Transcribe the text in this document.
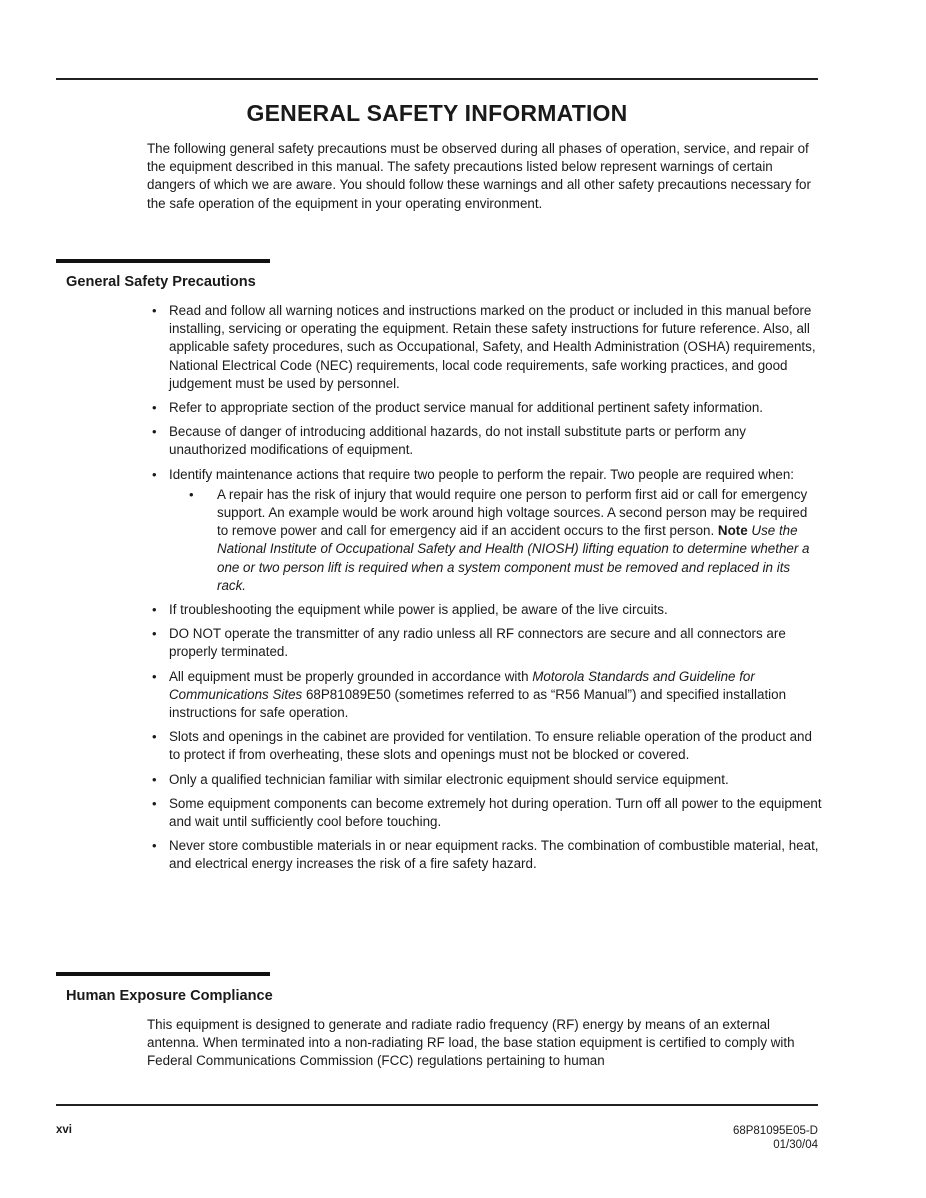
GENERAL SAFETY INFORMATION

The following general safety precautions must be observed during all phases of operation, service, and repair of the equipment described in this manual. The safety precautions listed below represent warnings of certain dangers of which we are aware. You should follow these warnings and all other safety precautions necessary for the safe operation of the equipment in your operating environment.

General Safety Precautions
• Read and follow all warning notices and instructions marked on the product or included in this manual before installing, servicing or operating the equipment. Retain these safety instructions for future reference. Also, all applicable safety procedures, such as Occupational, Safety, and Health Administration (OSHA) requirements, National Electrical Code (NEC) requirements, local code requirements, safe working practices, and good judgement must be used by personnel.
• Refer to appropriate section of the product service manual for additional pertinent safety information.
• Because of danger of introducing additional hazards, do not install substitute parts or perform any unauthorized modifications of equipment.
• Identify maintenance actions that require two people to perform the repair. Two people are required when:
• A repair has the risk of injury that would require one person to perform first aid or call for emergency support. An example would be work around high voltage sources. A second person may be required to remove power and call for emergency aid if an accident occurs to the first person. Note Use the National Institute of Occupational Safety and Health (NIOSH) lifting equation to determine whether a one or two person lift is required when a system component must be removed and replaced in its rack.
• If troubleshooting the equipment while power is applied, be aware of the live circuits.
• DO NOT operate the transmitter of any radio unless all RF connectors are secure and all connectors are properly terminated.
• All equipment must be properly grounded in accordance with Motorola Standards and Guideline for Communications Sites 68P81089E50 (sometimes referred to as “R56 Manual”) and specified installation instructions for safe operation.
• Slots and openings in the cabinet are provided for ventilation. To ensure reliable operation of the product and to protect if from overheating, these slots and openings must not be blocked or covered.
• Only a qualified technician familiar with similar electronic equipment should service equipment.
• Some equipment components can become extremely hot during operation. Turn off all power to the equipment and wait until sufficiently cool before touching.
• Never store combustible materials in or near equipment racks. The combination of combustible material, heat, and electrical energy increases the risk of a fire safety hazard.
Human Exposure Compliance

This equipment is designed to generate and radiate radio frequency (RF) energy by means of an external antenna. When terminated into a non-radiating RF load, the base station equipment is certified to comply with Federal Communications Commission (FCC) regulations pertaining to human

xvi	68P81095E05-D
01/30/04
